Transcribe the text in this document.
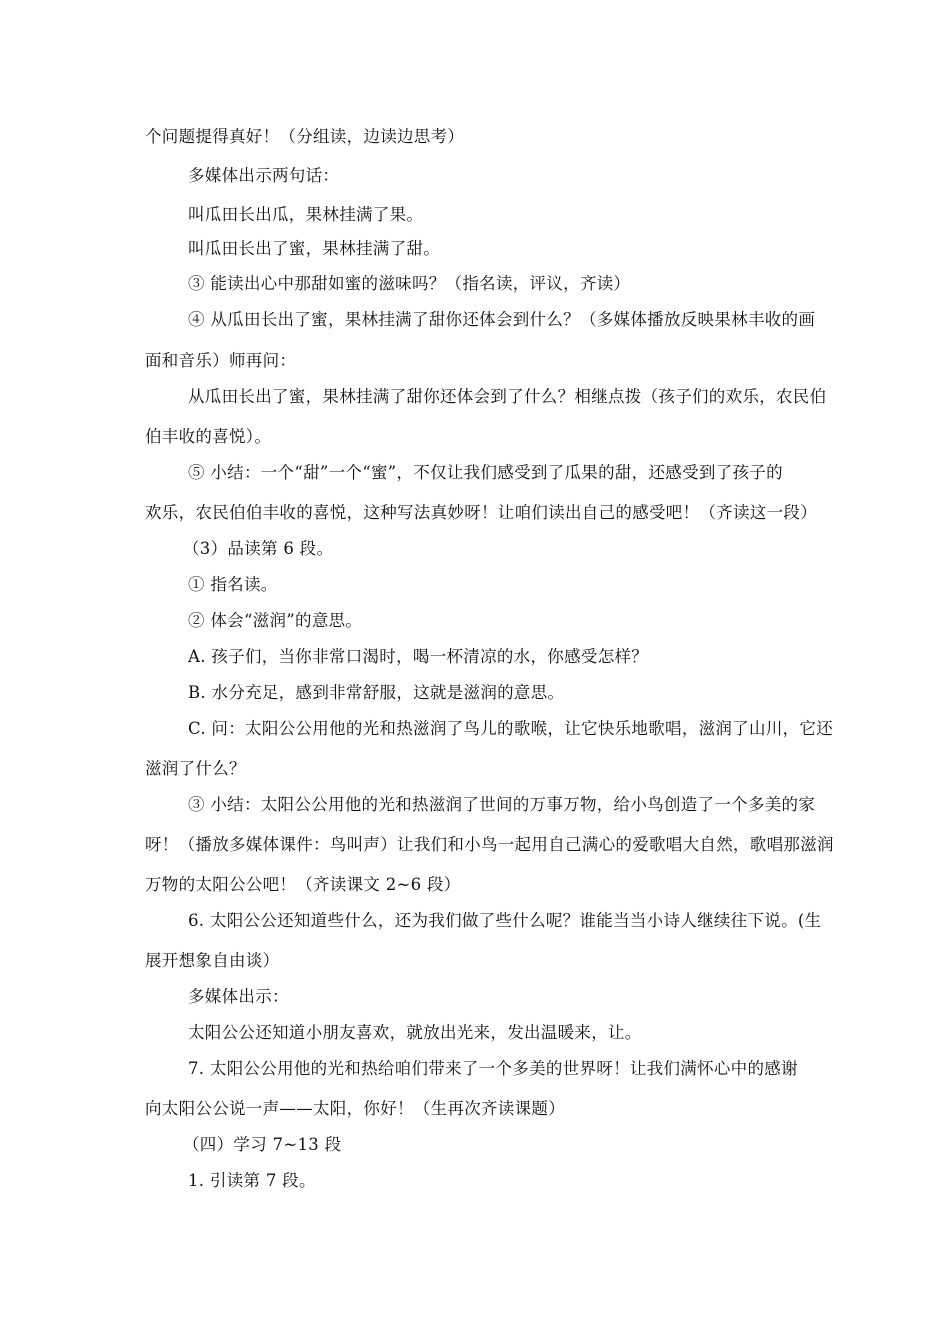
个问题提得真好！（分组读，边读边思考）
多媒体出示两句话：
叫瓜田长出瓜，果林挂满了果。
叫瓜田长出了蜜，果林挂满了甜。
③ 能读出心中那甜如蜜的滋味吗？（指名读，评议，齐读）
④ 从瓜田长出了蜜，果林挂满了甜你还体会到什么？（多媒体播放反映果林丰收的画
面和音乐）师再问：
从瓜田长出了蜜，果林挂满了甜你还体会到了什么？相继点拨（孩子们的欢乐，农民伯
伯丰收的喜悦）。
⑤ 小结：一个“甜”一个“蜜”，不仅让我们感受到了瓜果的甜，还感受到了孩子的
欢乐，农民伯伯丰收的喜悦，这种写法真妙呀！让咱们读出自己的感受吧！（齐读这一段）
（3）品读第 6 段。
① 指名读。
② 体会“滋润”的意思。
A. 孩子们，当你非常口渴时，喝一杯清凉的水，你感受怎样？
B. 水分充足，感到非常舒服，这就是滋润的意思。
C. 问：太阳公公用他的光和热滋润了鸟儿的歌喉，让它快乐地歌唱，滋润了山川，它还
滋润了什么？
③ 小结：太阳公公用他的光和热滋润了世间的万事万物，给小鸟创造了一个多美的家
呀！（播放多媒体课件：鸟叫声）让我们和小鸟一起用自己满心的爱歌唱大自然，歌唱那滋润
万物的太阳公公吧！（齐读课文 2~6 段）
6. 太阳公公还知道些什么，还为我们做了些什么呢？谁能当当小诗人继续往下说。(生
展开想象自由谈）
多媒体出示：
太阳公公还知道小朋友喜欢，就放出光来，发出温暖来，让。
7. 太阳公公用他的光和热给咱们带来了一个多美的世界呀！让我们满怀心中的感谢
向太阳公公说一声——太阳，你好！（生再次齐读课题）
（四）学习 7~13 段
1. 引读第 7 段。
